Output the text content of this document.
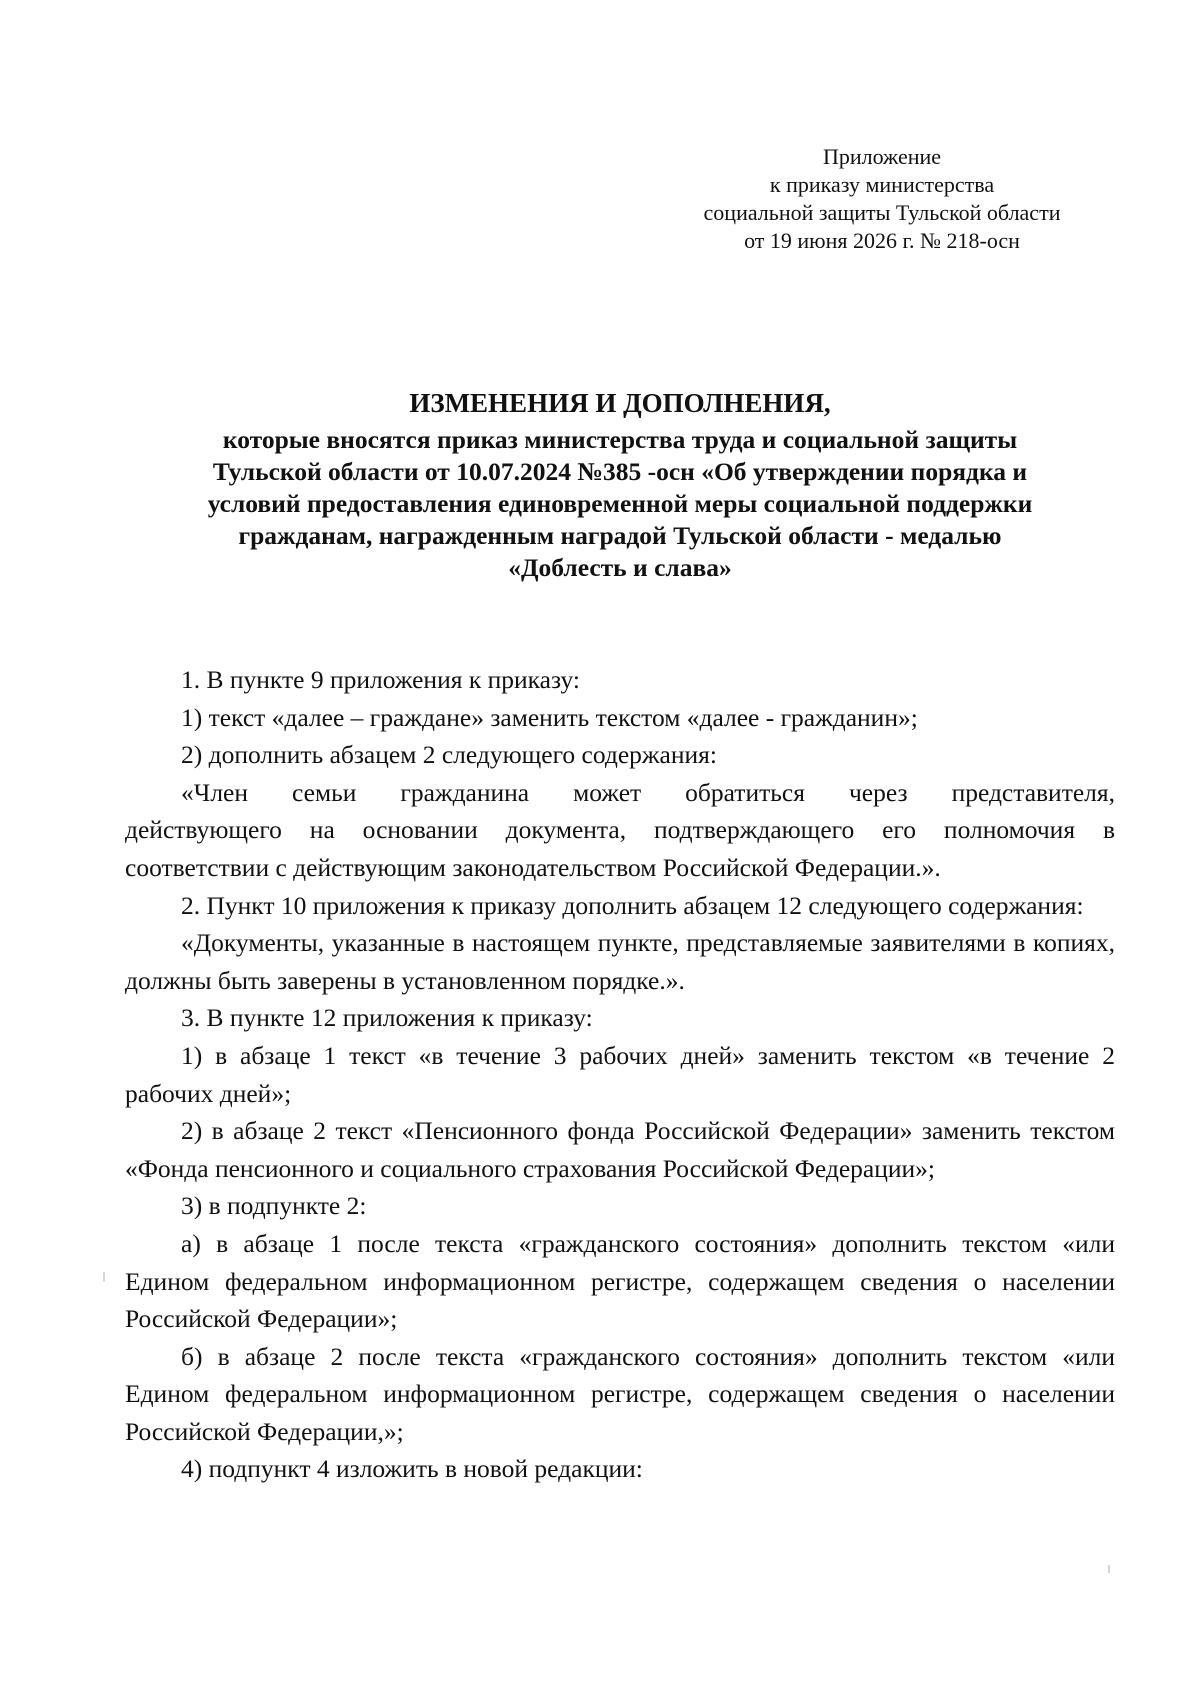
Приложение
к приказу министерства
социальной защиты Тульской области
от 19 июня 2026 г. № 218-осн
ИЗМЕНЕНИЯ И ДОПОЛНЕНИЯ,
которые вносятся приказ министерства труда и социальной защиты
Тульской области от 10.07.2024 №385 -осн «Об утверждении порядка и
условий предоставления единовременной меры социальной поддержки
гражданам, награжденным наградой Тульской области - медалью
«Доблесть и слава»

1. В пункте 9 приложения к приказу:

1) текст «далее – граждане» заменить текстом «далее - гражданин»;

2) дополнить абзацем 2 следующего содержания:

«Член семьи гражданина может обратиться через представителя,

действующего на основании документа, подтверждающего его полномочия в

соответствии с действующим законодательством Российской Федерации.».

2. Пункт 10 приложения к приказу дополнить абзацем 12 следующего содержания:

«Документы, указанные в настоящем пункте, представляемые заявителями в копиях, должны быть заверены в установленном порядке.».

3. В пункте 12 приложения к приказу:

1) в абзаце 1 текст «в течение 3 рабочих дней» заменить текстом «в течение 2 рабочих дней»;

2) в абзаце 2 текст «Пенсионного фонда Российской Федерации» заменить текстом «Фонда пенсионного и социального страхования Российской Федерации»;

3) в подпункте 2:

а) в абзаце 1 после текста «гражданского состояния» дополнить текстом «или Едином федеральном информационном регистре, содержащем сведения о населении Российской Федерации»;

б) в абзаце 2 после текста «гражданского состояния» дополнить текстом «или Едином федеральном информационном регистре, содержащем сведения о населении Российской Федерации,»;

4) подпункт 4 изложить в новой редакции:
